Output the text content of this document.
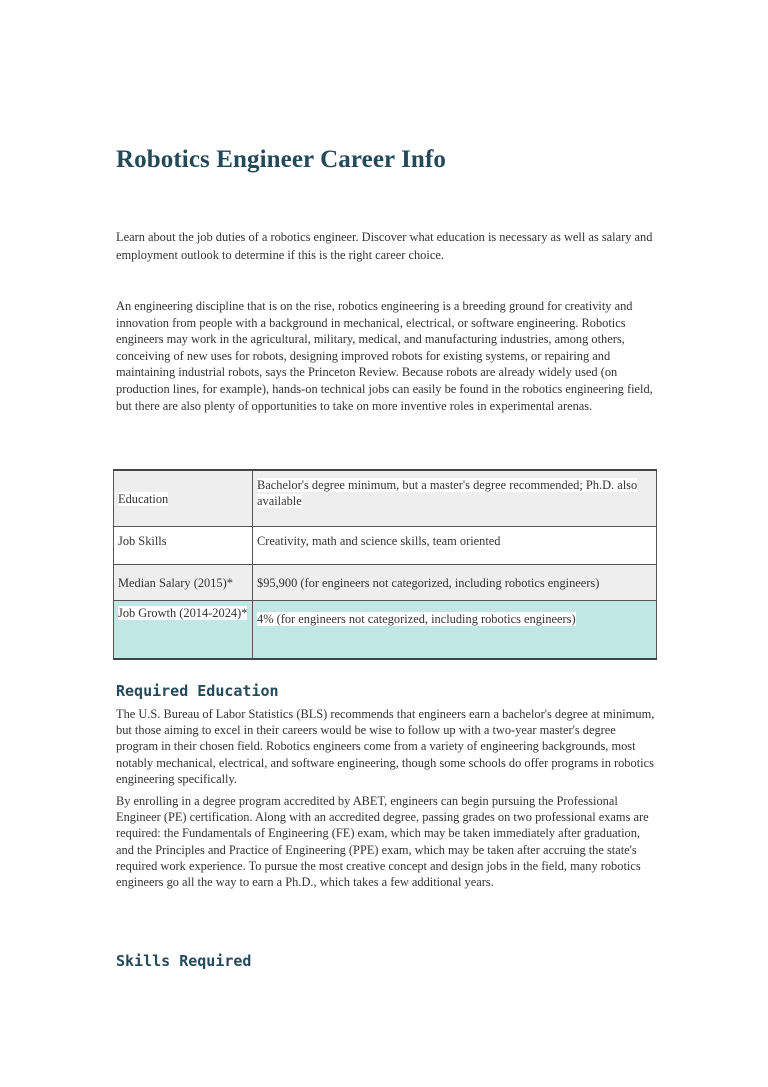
Robotics Engineer Career Info

Learn about the job duties of a robotics engineer. Discover what education is necessary as well as salary and employment outlook to determine if this is the right career choice.

An engineering discipline that is on the rise, robotics engineering is a breeding ground for creativity and innovation from people with a background in mechanical, electrical, or software engineering. Robotics engineers may work in the agricultural, military, medical, and manufacturing industries, among others, conceiving of new uses for robots, designing improved robots for existing systems, or repairing and maintaining industrial robots, says the Princeton Review. Because robots are already widely used (on production lines, for example), hands-on technical jobs can easily be found in the robotics engineering field, but there are also plenty of opportunities to take on more inventive roles in experimental arenas.

Education	Bachelor's degree minimum, but a master's degree recommended; Ph.D. also available
Job Skills	Creativity, math and science skills, team oriented
Median Salary (2015)*	$95,900 (for engineers not categorized, including robotics engineers)
Job Growth (2014-2024)*	4% (for engineers not categorized, including robotics engineers)
Required Education

The U.S. Bureau of Labor Statistics (BLS) recommends that engineers earn a bachelor's degree at minimum, but those aiming to excel in their careers would be wise to follow up with a two-year master's degree program in their chosen field. Robotics engineers come from a variety of engineering backgrounds, most notably mechanical, electrical, and software engineering, though some schools do offer programs in robotics engineering specifically.

By enrolling in a degree program accredited by ABET, engineers can begin pursuing the Professional Engineer (PE) certification. Along with an accredited degree, passing grades on two professional exams are required: the Fundamentals of Engineering (FE) exam, which may be taken immediately after graduation, and the Principles and Practice of Engineering (PPE) exam, which may be taken after accruing the state's required work experience. To pursue the most creative concept and design jobs in the field, many robotics engineers go all the way to earn a Ph.D., which takes a few additional years.

Skills Required
